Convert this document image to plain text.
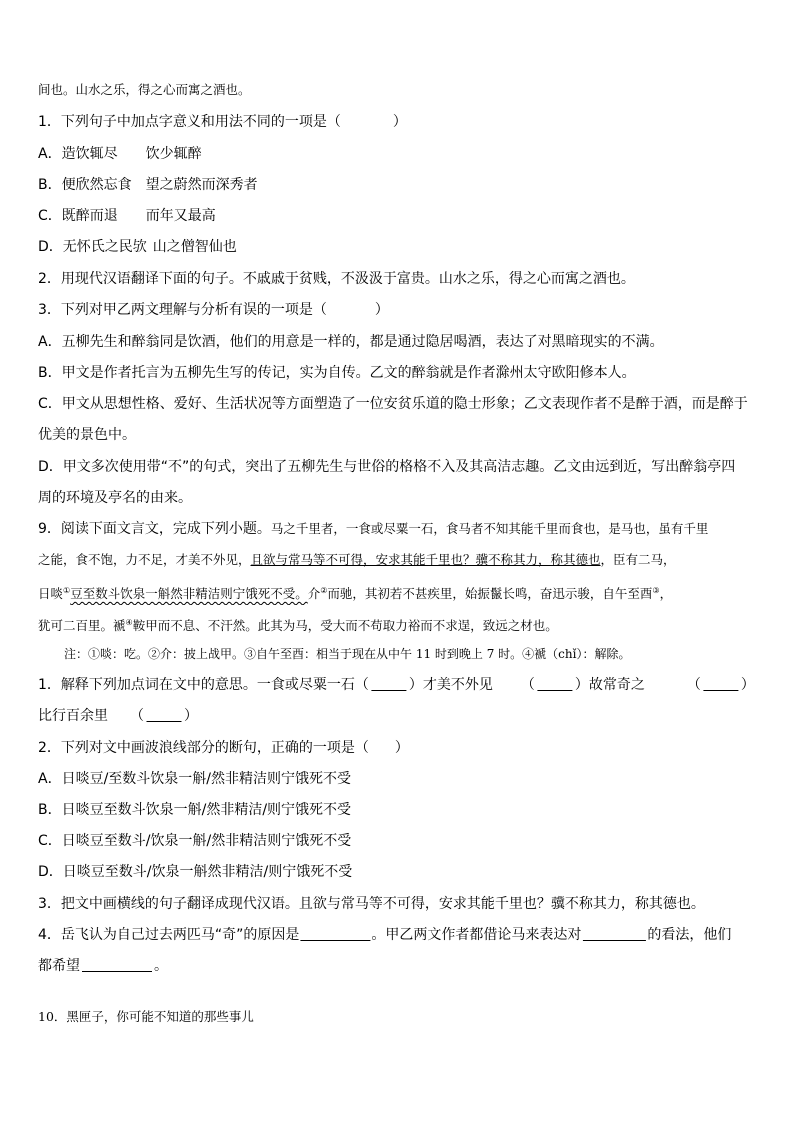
间也。山水之乐，得之心而寓之酒也。

1．下列句子中加点字意义和用法不同的一项是（	）

A．造饮辄尽 饮少辄醉

B．便欣然忘食 望之蔚然而深秀者

C．既醉而退 而年又最高

D．无怀氏之民欤 山之僧智仙也

2．用现代汉语翻译下面的句子。不戚戚于贫贱，不汲汲于富贵。山水之乐，得之心而寓之酒也。

3．下列对甲乙两文理解与分析有误的一项是（	）

A．五柳先生和醉翁同是饮酒，他们的用意是一样的，都是通过隐居喝酒，表达了对黑暗现实的不满。

B．甲文是作者托言为五柳先生写的传记，实为自传。乙文的醉翁就是作者滁州太守欧阳修本人。

C．甲文从思想性格、爱好、生活状况等方面塑造了一位安贫乐道的隐士形象；乙文表现作者不是醉于酒，而是醉于

优美的景色中。

D．甲文多次使用带“不”的句式，突出了五柳先生与世俗的格格不入及其高洁志趣。乙文由远到近，写出醉翁亭四

周的环境及亭名的由来。

9．阅读下面文言文，完成下列小题。马之千里者，一食或尽粟一石，食马者不知其能千里而食也，是马也，虽有千里

之能，食不饱，力不足，才美不外见，且欲与常马等不可得，安求其能千里也？骥不称其力，称其德也，臣有二马，

日啖①豆至数斗饮泉一斛然非精洁则宁饿死不受。介②而驰，其初若不甚疾里，始振鬣长鸣，奋迅示骏，自午至酉③，

犹可二百里。褫④鞍甲而不息、不汗然。此其为马，受大而不苟取力裕而不求逞，致远之材也。

注：①啖：吃。②介：披上战甲。③自午至酉：相当于现在从中午 11 时到晚上 7 时。④褫（chǐ）：解除。

1．解释下列加点词在文中的意思。一食或尽粟一石（   	）才美不外见 （   	）故常奇之	（   	）

比行百余里 （   	）

2．下列对文中画波浪线部分的断句，正确的一项是（ ）

A．日啖豆/至数斗饮泉一斛/然非精洁则宁饿死不受

B．日啖豆至数斗饮泉一斛/然非精洁/则宁饿死不受

C．日啖豆至数斗/饮泉一斛/然非精洁则宁饿死不受

D．日啖豆至数斗/饮泉一斛然非精洁/则宁饿死不受

3．把文中画横线的句子翻译成现代汉语。且欲与常马等不可得，安求其能千里也？骥不称其力，称其德也。

4．岳飞认为自己过去两匹马“奇”的原因是     	。甲乙两文作者都借论马来表达对     	的看法，他们

都希望     	。

10．黑匣子，你可能不知道的那些事儿
